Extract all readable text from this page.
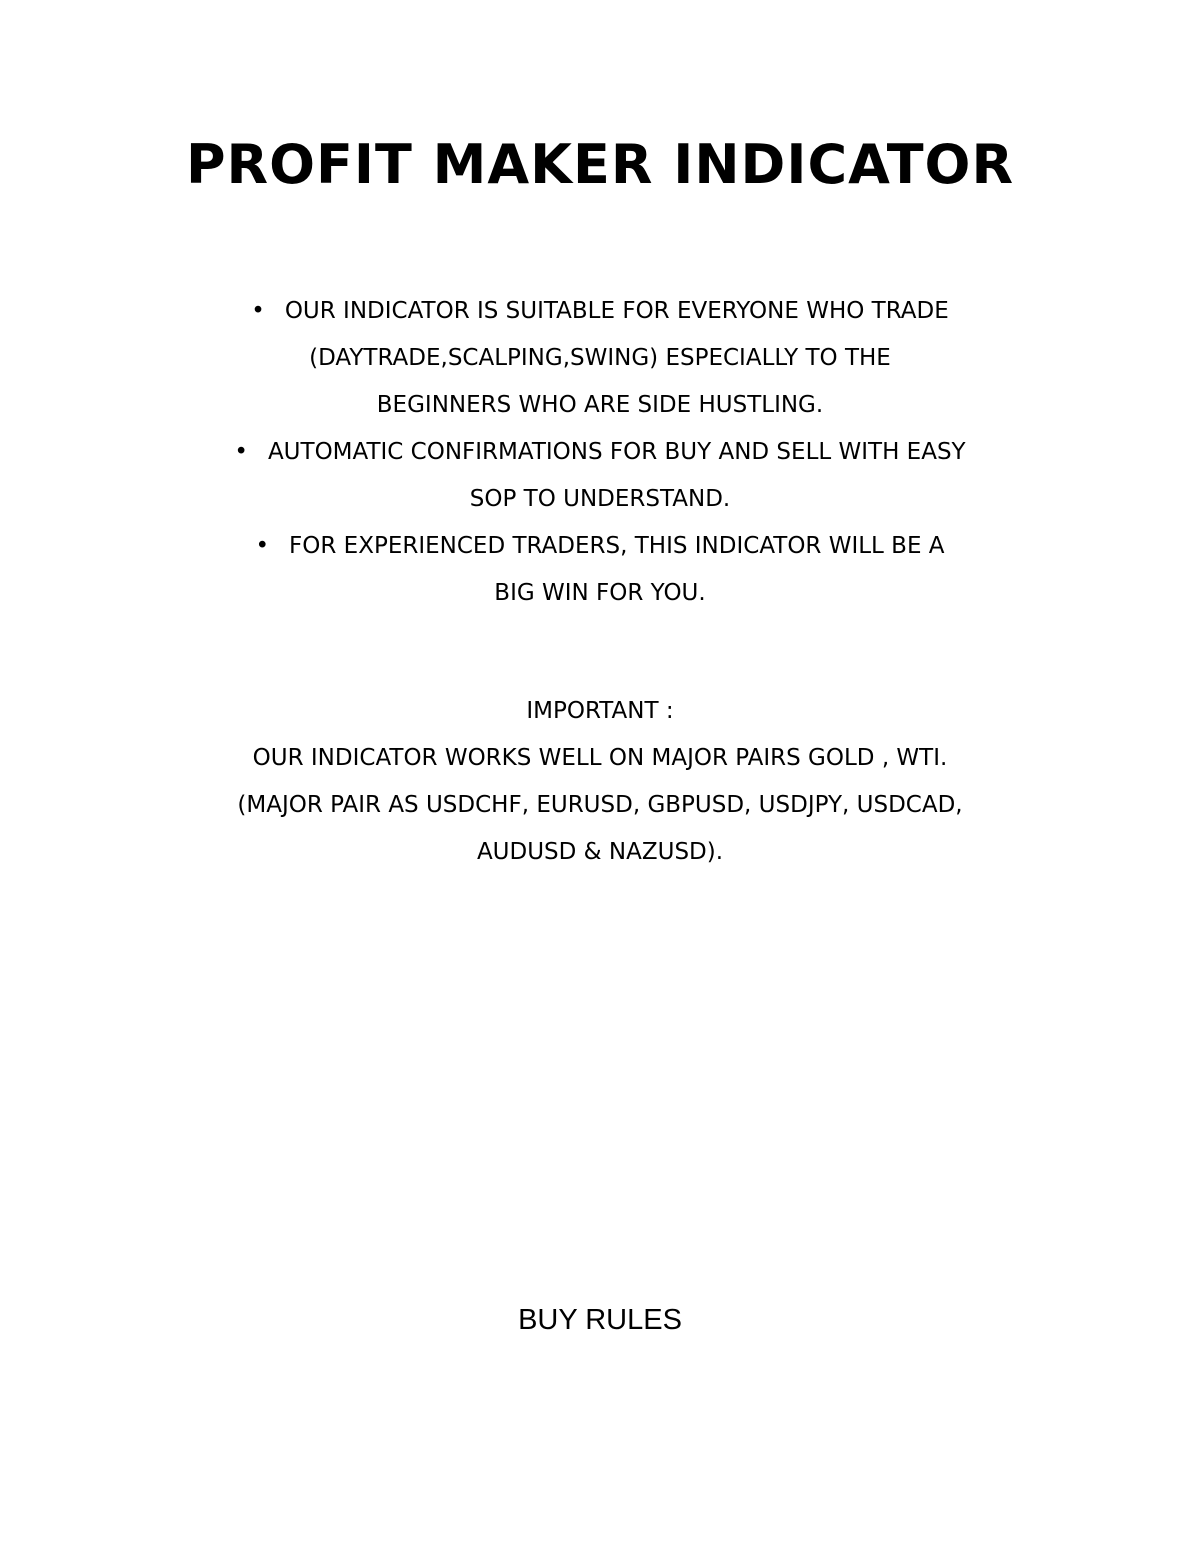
PROFIT MAKER INDICATOR
• OUR INDICATOR IS SUITABLE FOR EVERYONE WHO TRADE
(DAYTRADE,SCALPING,SWING) ESPECIALLY TO THE
BEGINNERS WHO ARE SIDE HUSTLING.
• AUTOMATIC CONFIRMATIONS FOR BUY AND SELL WITH EASY
SOP TO UNDERSTAND.
• FOR EXPERIENCED TRADERS, THIS INDICATOR WILL BE A
BIG WIN FOR YOU.
IMPORTANT :
OUR INDICATOR WORKS WELL ON MAJOR PAIRS GOLD , WTI.
(MAJOR PAIR AS USDCHF, EURUSD, GBPUSD, USDJPY, USDCAD,
AUDUSD & NAZUSD).
BUY RULES
